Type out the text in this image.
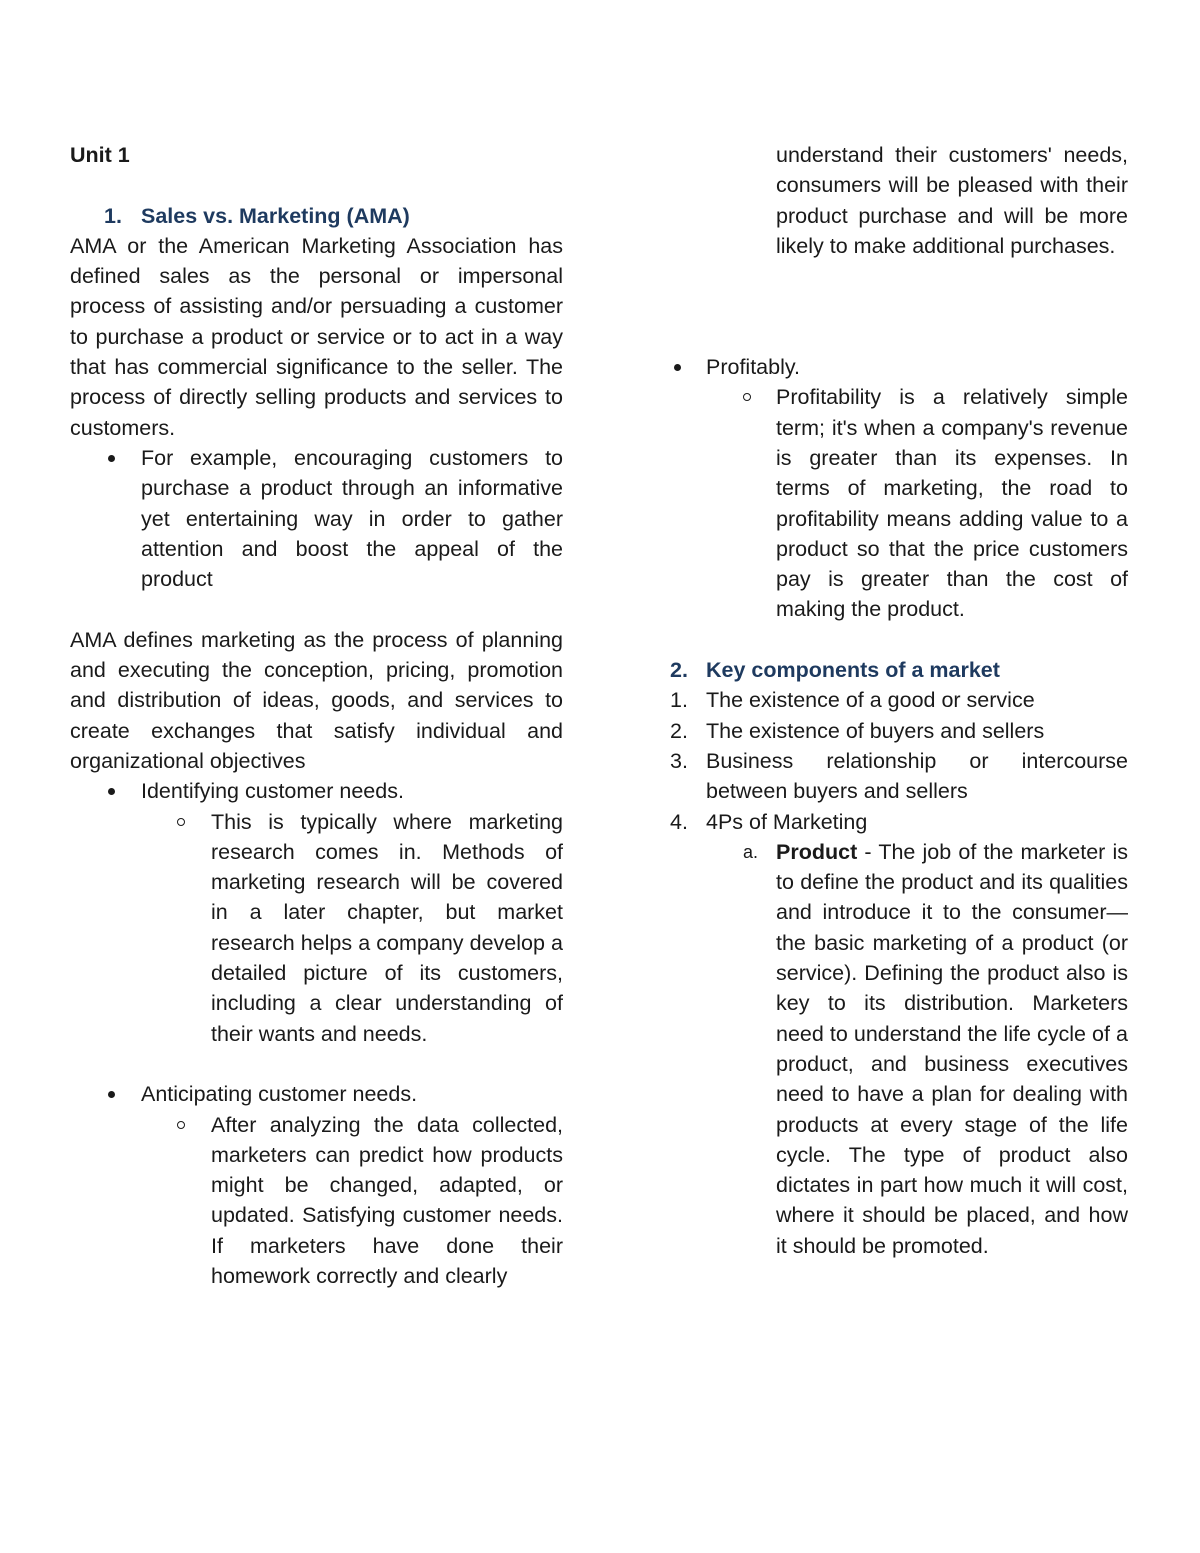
Unit 1

1. Sales vs. Marketing (AMA)

AMA or the American Marketing Association has defined sales as the personal or impersonal process of assisting and/or persuading a customer to purchase a product or service or to act in a way that has commercial significance to the seller. The process of directly selling products and services to customers.

For example, encouraging customers to purchase a product through an informative yet entertaining way in order to gather attention and boost the appeal of the product

AMA defines marketing as the process of planning and executing the conception, pricing, promotion and distribution of ideas, goods, and services to create exchanges that satisfy individual and organizational objectives

Identifying customer needs.
This is typically where marketing research comes in. Methods of marketing research will be covered in a later chapter, but market research helps a company develop a detailed picture of its customers, including a clear understanding of their wants and needs.
Anticipating customer needs.
After analyzing the data collected, marketers can predict how products might be changed, adapted, or updated. Satisfying customer needs. If marketers have done their homework correctly and clearly

understand their customers' needs, consumers will be pleased with their product purchase and will be more likely to make additional purchases.

Profitably.
Profitability is a relatively simple term; it's when a company's revenue is greater than its expenses. In terms of marketing, the road to profitability means adding value to a product so that the price customers pay is greater than the cost of making the product.
2. Key components of a market
1. The existence of a good or service
2. The existence of buyers and sellers
3. Business relationship or intercourse between buyers and sellers
4. 4Ps of Marketing
a. Product - The job of the marketer is to define the product and its qualities and introduce it to the consumer—the basic marketing of a product (or service). Defining the product also is key to its distribution. Marketers need to understand the life cycle of a product, and business executives need to have a plan for dealing with products at every stage of the life cycle. The type of product also dictates in part how much it will cost, where it should be placed, and how it should be promoted.
